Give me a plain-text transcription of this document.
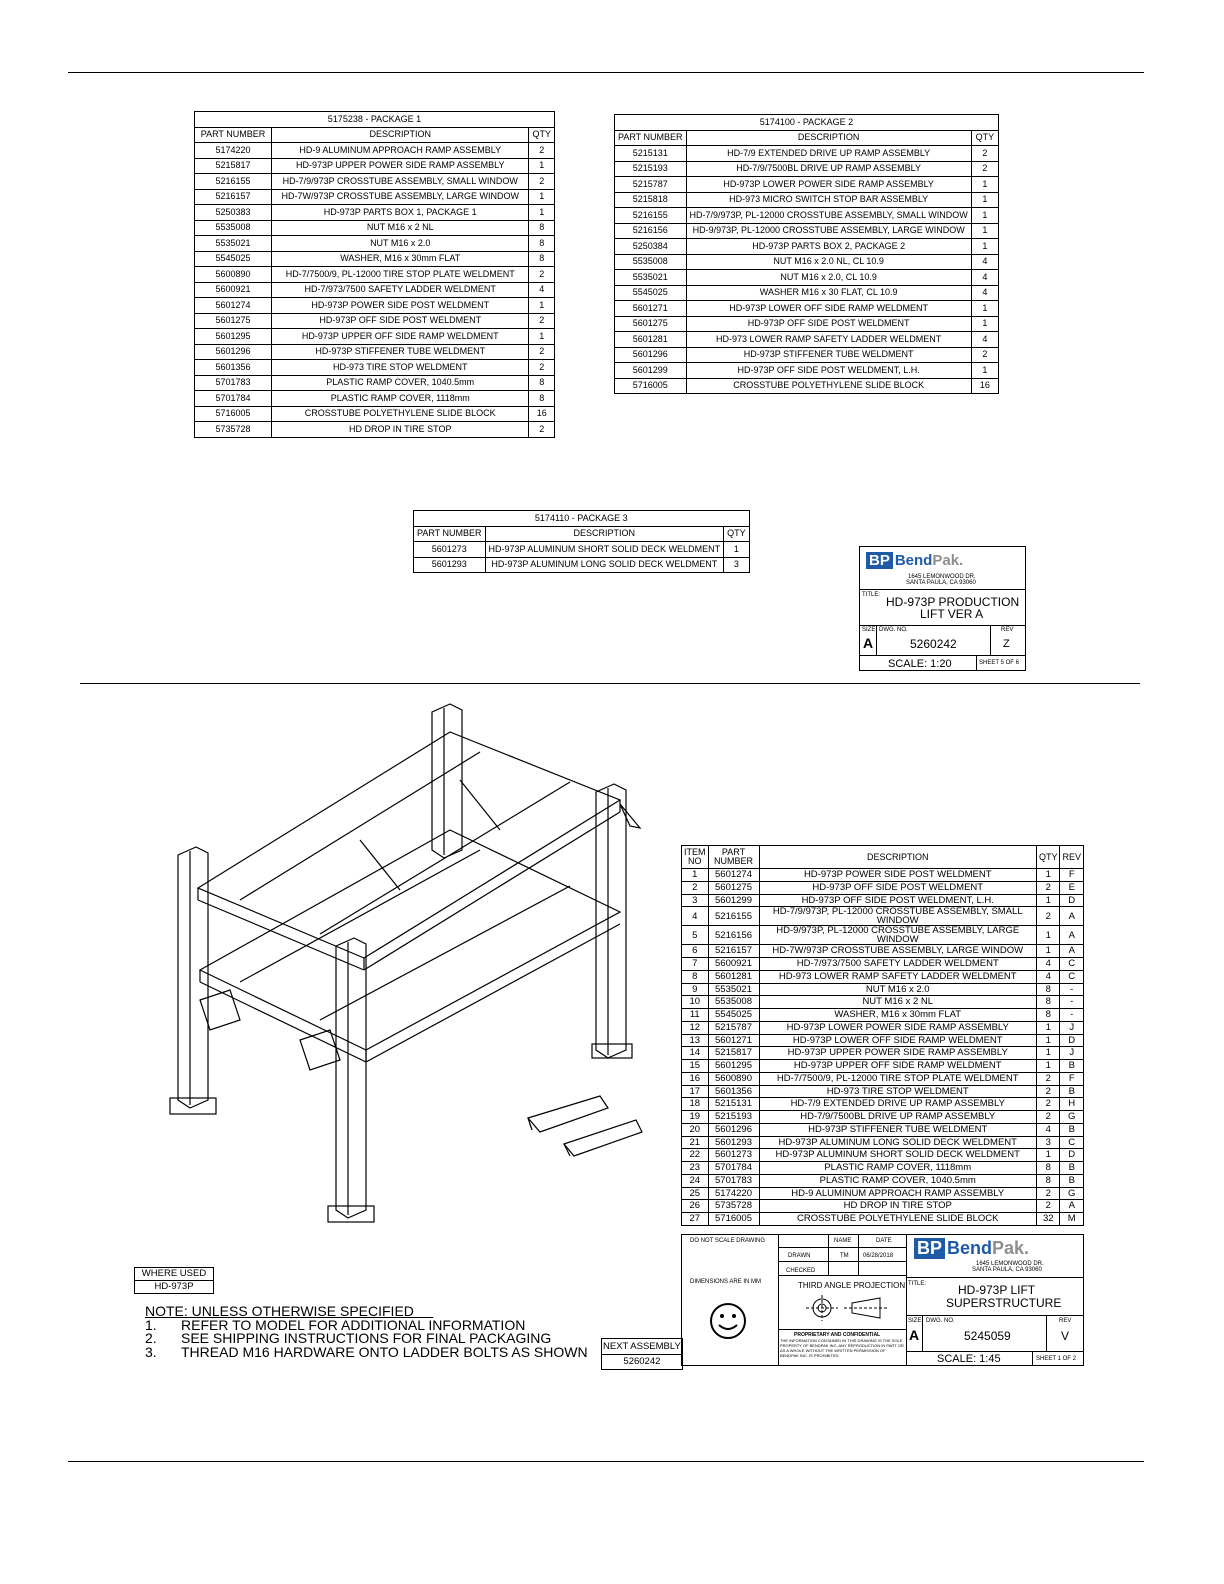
5175238 - PACKAGE 1		
PART NUMBER	DESCRIPTION	QTY
5174220	HD-9 ALUMINUM APPROACH RAMP ASSEMBLY	2
5215817	HD-973P UPPER POWER SIDE RAMP ASSEMBLY	1
5216155	HD-7/9/973P CROSSTUBE ASSEMBLY, SMALL WINDOW	2
5216157	HD-7W/973P CROSSTUBE ASSEMBLY, LARGE WINDOW	1
5250383	HD-973P PARTS BOX 1, PACKAGE 1	1
5535008	NUT M16 x 2 NL	8
5535021	NUT M16 x 2.0	8
5545025	WASHER, M16 x 30mm FLAT	8
5600890	HD-7/7500/9, PL-12000 TIRE STOP PLATE WELDMENT	2
5600921	HD-7/973/7500 SAFETY LADDER WELDMENT	4
5601274	HD-973P POWER SIDE POST WELDMENT	1
5601275	HD-973P OFF SIDE POST WELDMENT	2
5601295	HD-973P UPPER OFF SIDE RAMP WELDMENT	1
5601296	HD-973P STIFFENER TUBE WELDMENT	2
5601356	HD-973 TIRE STOP WELDMENT	2
5701783	PLASTIC RAMP COVER, 1040.5mm	8
5701784	PLASTIC RAMP COVER, 1118mm	8
5716005	CROSSTUBE POLYETHYLENE SLIDE BLOCK	16
5735728	HD DROP IN TIRE STOP	2
5174100 - PACKAGE 2		
PART NUMBER	DESCRIPTION	QTY
5215131	HD-7/9 EXTENDED DRIVE UP RAMP ASSEMBLY	2
5215193	HD-7/9/7500BL DRIVE UP RAMP ASSEMBLY	2
5215787	HD-973P LOWER POWER SIDE RAMP ASSEMBLY	1
5215818	HD-973 MICRO SWITCH STOP BAR ASSEMBLY	1
5216155	HD-7/9/973P, PL-12000 CROSSTUBE ASSEMBLY, SMALL WINDOW	1
5216156	HD-9/973P, PL-12000 CROSSTUBE ASSEMBLY, LARGE WINDOW	1
5250384	HD-973P PARTS BOX 2, PACKAGE 2	1
5535008	NUT M16 x 2.0 NL, CL 10.9	4
5535021	NUT M16 x 2.0, CL 10.9	4
5545025	WASHER M16 x 30 FLAT, CL 10.9	4
5601271	HD-973P LOWER OFF SIDE RAMP WELDMENT	1
5601275	HD-973P OFF SIDE POST WELDMENT	1
5601281	HD-973 LOWER RAMP SAFETY LADDER WELDMENT	4
5601296	HD-973P STIFFENER TUBE WELDMENT	2
5601299	HD-973P OFF SIDE POST WELDMENT, L.H.	1
5716005	CROSSTUBE POLYETHYLENE SLIDE BLOCK	16
5174110 - PACKAGE 3		
PART NUMBER	DESCRIPTION	QTY
5601273	HD-973P ALUMINUM SHORT SOLID DECK WELDMENT	1
5601293	HD-973P ALUMINUM LONG SOLID DECK WELDMENT	3	BP BendPak.
1645 LEMONWOOD DR.
SANTA PAULA, CA 93060
TITLE: HD-973P PRODUCTION
LIFT VER A
SIZE
A
DWG. NO.
5260242
REV
Z
SCALE: 1:20	SHEET 5 OF 6
ITEM NO	PART NUMBER	DESCRIPTION	QTY	REV
1	5601274	HD-973P POWER SIDE POST WELDMENT	1	F
2	5601275	HD-973P OFF SIDE POST WELDMENT	2	E
3	5601299	HD-973P OFF SIDE POST WELDMENT, L.H.	1	D
4	5216155	HD-7/9/973P, PL-12000 CROSSTUBE ASSEMBLY, SMALL WINDOW	2	A
5	5216156	HD-9/973P, PL-12000 CROSSTUBE ASSEMBLY, LARGE WINDOW	1	A
6	5216157	HD-7W/973P CROSSTUBE ASSEMBLY, LARGE WINDOW	1	A
7	5600921	HD-7/973/7500 SAFETY LADDER WELDMENT	4	C
8	5601281	HD-973 LOWER RAMP SAFETY LADDER WELDMENT	4	C
9	5535021	NUT M16 x 2.0	8	-
10	5535008	NUT M16 x 2 NL	8	-
11	5545025	WASHER, M16 x 30mm FLAT	8	-
12	5215787	HD-973P LOWER POWER SIDE RAMP ASSEMBLY	1	J
13	5601271	HD-973P LOWER OFF SIDE RAMP WELDMENT	1	D
14	5215817	HD-973P UPPER POWER SIDE RAMP ASSEMBLY	1	J
15	5601295	HD-973P UPPER OFF SIDE RAMP WELDMENT	1	B
16	5600890	HD-7/7500/9, PL-12000 TIRE STOP PLATE WELDMENT	2	F
17	5601356	HD-973 TIRE STOP WELDMENT	2	B
18	5215131	HD-7/9 EXTENDED DRIVE UP RAMP ASSEMBLY	2	H
19	5215193	HD-7/9/7500BL DRIVE UP RAMP ASSEMBLY	2	G
20	5601296	HD-973P STIFFENER TUBE WELDMENT	4	B
21	5601293	HD-973P ALUMINUM LONG SOLID DECK WELDMENT	3	C
22	5601273	HD-973P ALUMINUM SHORT SOLID DECK WELDMENT	1	D
23	5701784	PLASTIC RAMP COVER, 1118mm	8	B
24	5701783	PLASTIC RAMP COVER, 1040.5mm	8	B
25	5174220	HD-9 ALUMINUM APPROACH RAMP ASSEMBLY	2	G
26	5735728	HD DROP IN TIRE STOP	2	A
27	5716005	CROSSTUBE POLYETHYLENE SLIDE BLOCK	32	M
DO NOT SCALE DRAWING
DIMENSIONS ARE IN MM
NAME	DATE
DRAWN	TM 06/28/2018
CHECKED
THIRD ANGLE PROJECTION
PROPRIETARY AND CONFIDENTIAL
THE INFORMATION CONTAINED IN THIS DRAWING IS THE SOLE PROPERTY OF BENDPAK INC. ANY REPRODUCTION IN PART OR AS A WHOLE WITHOUT THE WRITTEN PERMISSION OF BENDPAK INC. IS PROHIBITED.
BP BendPak.
1645 LEMONWOOD DR.
SANTA PAULA, CA 93060
TITLE:	HD-973P LIFT
SUPERSTRUCTURE
SIZE
A
DWG. NO.
5245059
REV
V
SCALE: 1:45	SHEET 1 OF 2
NEXT ASSEMBLY
5260242
WHERE USED
HD-973P
NOTE: UNLESS OTHERWISE SPECIFIED
1. REFER TO MODEL FOR ADDITIONAL INFORMATION
2. SEE SHIPPING INSTRUCTIONS FOR FINAL PACKAGING
3. THREAD M16 HARDWARE ONTO LADDER BOLTS AS SHOWN
